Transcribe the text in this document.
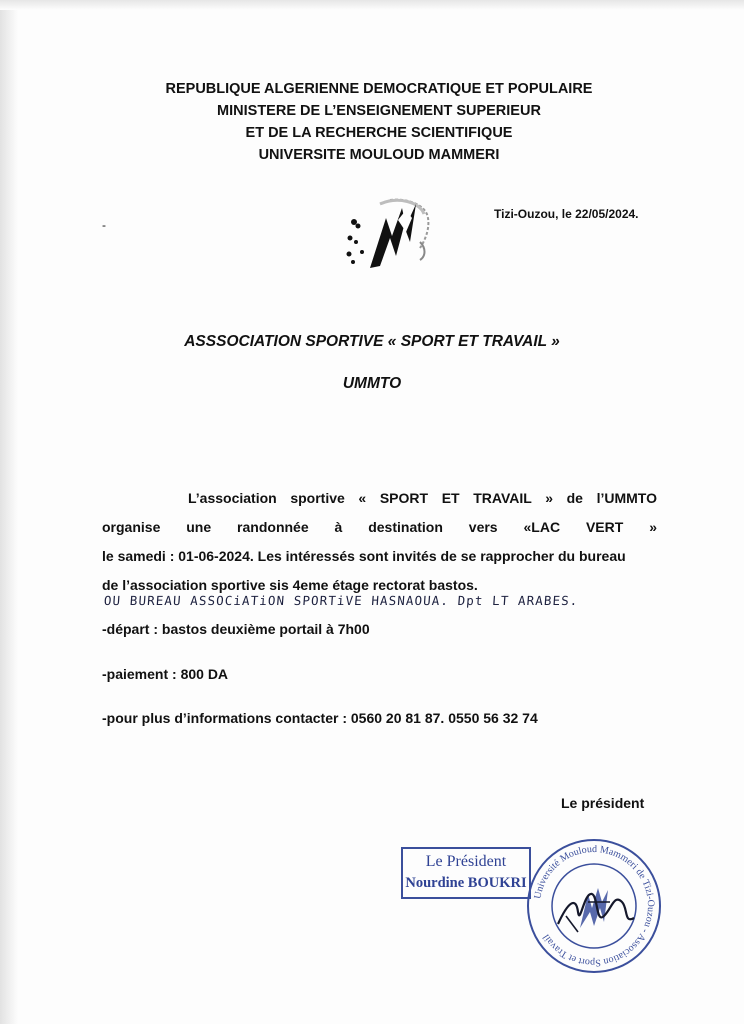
REPUBLIQUE ALGERIENNE DEMOCRATIQUE ET POPULAIRE
MINISTERE DE L’ENSEIGNEMENT SUPERIEUR
ET DE LA RECHERCHE SCIENTIFIQUE
UNIVERSITE MOULOUD MAMMERI
-
Tizi-Ouzou, le 22/05/2024.
ASSSOCIATION SPORTIVE « SPORT ET TRAVAIL »
UMMTO
L’association sportive « SPORT ET TRAVAIL » de l’UMMTO
organise une randonnée à destination vers «LAC VERT »
le samedi : 01-06-2024. Les intéressés sont invités de se rapprocher du bureau
de l’association sportive sis 4eme étage rectorat bastos.
OU BUREAU ASSOCiATiON SPORTiVE HASNAOUA. Dpt LT ARABES.
-départ : bastos deuxième portail à 7h00
-paiement : 800 DA
-pour plus d’informations contacter : 0560 20 81 87. 0550 56 32 74
Le président
Le Président
Nourdine BOUKRI
Université Mouloud Mammeri de Tizi-Ouzou - Association Sport et Travail
